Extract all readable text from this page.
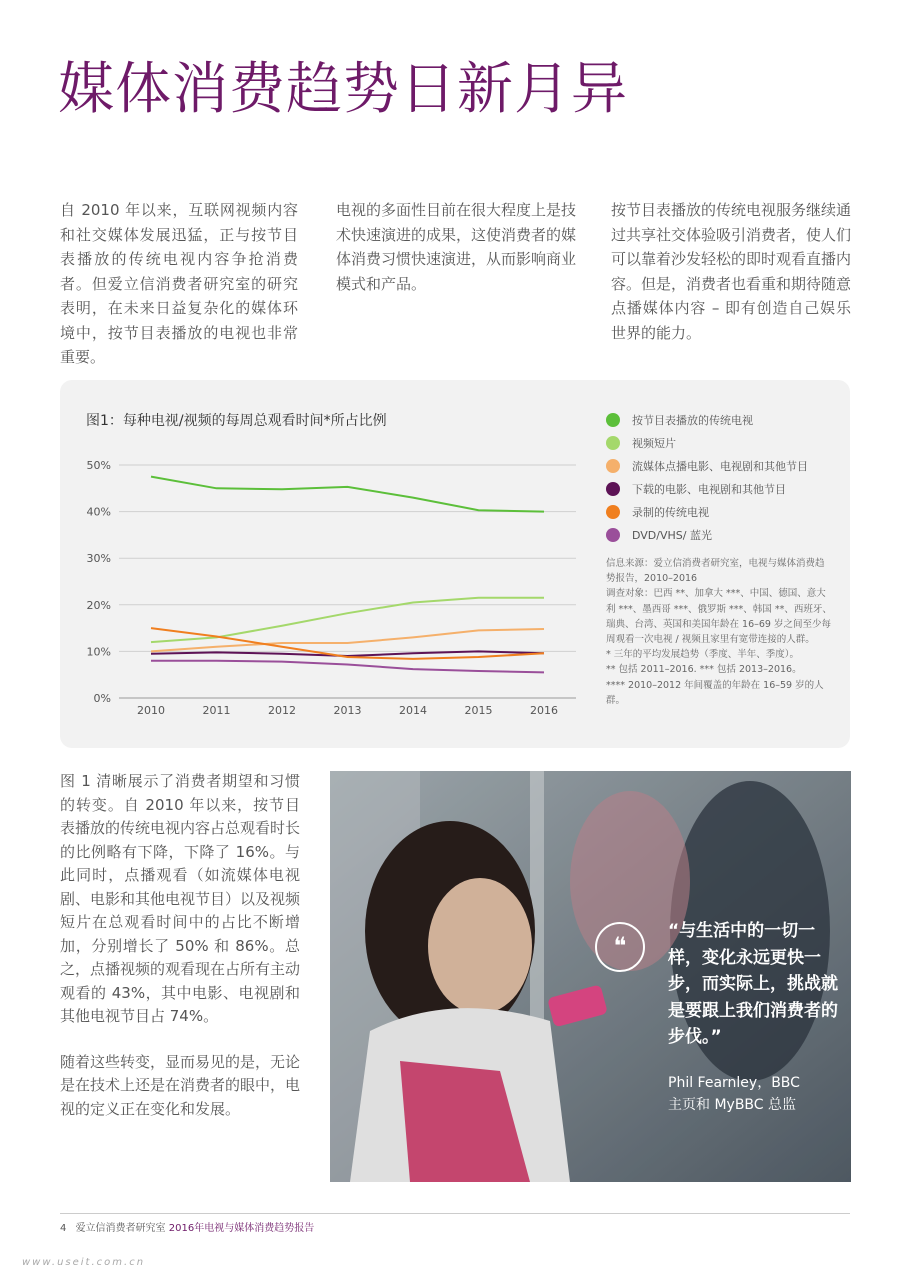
媒体消费趋势日新月异
自 2010 年以来，互联网视频内容和社交媒体发展迅猛，正与按节目表播放的传统电视内容争抢消费者。但爱立信消费者研究室的研究表明，在未来日益复杂化的媒体环境中，按节目表播放的电视也非常重要。
电视的多面性目前在很大程度上是技术快速演进的成果，这使消费者的媒体消费习惯快速演进，从而影响商业模式和产品。
按节目表播放的传统电视服务继续通过共享社交体验吸引消费者，使人们可以靠着沙发轻松的即时观看直播内容。但是，消费者也看重和期待随意点播媒体内容 – 即有创造自己娱乐世界的能力。
图1：每种电视/视频的每周总观看时间*所占比例
0%
10%
20%
30%
40%
50%
2010	2011	2012	2013	2014	2015	2016
按节目表播放的传统电视
视频短片
流媒体点播电影、电视剧和其他节目
下载的电影、电视剧和其他节目
录制的传统电视
DVD/VHS/ 蓝光
信息来源：爱立信消费者研究室，电视与媒体消费趋势报告，2010–2016
调查对象：巴西 **、加拿大 ***、中国、德国、意大利 ***、墨西哥 ***、俄罗斯 ***、韩国 **、西班牙、瑞典、台湾、英国和美国年龄在 16–69 岁之间至少每周观看一次电视 / 视频且家里有宽带连接的人群。
* 三年的平均发展趋势（季度、半年、季度）。
** 包括 2011–2016. *** 包括 2013–2016。
**** 2010–2012 年间覆盖的年龄在 16–59 岁的人群。
图 1 清晰展示了消费者期望和习惯的转变。自 2010 年以来，按节目表播放的传统电视内容占总观看时长的比例略有下降，下降了 16%。与此同时，点播观看（如流媒体电视剧、电影和其他电视节目）以及视频短片在总观看时间中的占比不断增加，分别增长了 50% 和 86%。总之，点播视频的观看现在占所有主动观看的 43%，其中电影、电视剧和其他电视节目占 74%。
随着这些转变，显而易见的是，无论是在技术上还是在消费者的眼中，电视的定义正在变化和发展。
❝
“与生活中的一切一样，变化永远更快一步，而实际上，挑战就是要跟上我们消费者的步伐。”
Phil Fearnley，BBC
主页和 MyBBC 总监
4 爱立信消费者研究室 2016年电视与媒体消费趋势报告
www.useit.com.cn
